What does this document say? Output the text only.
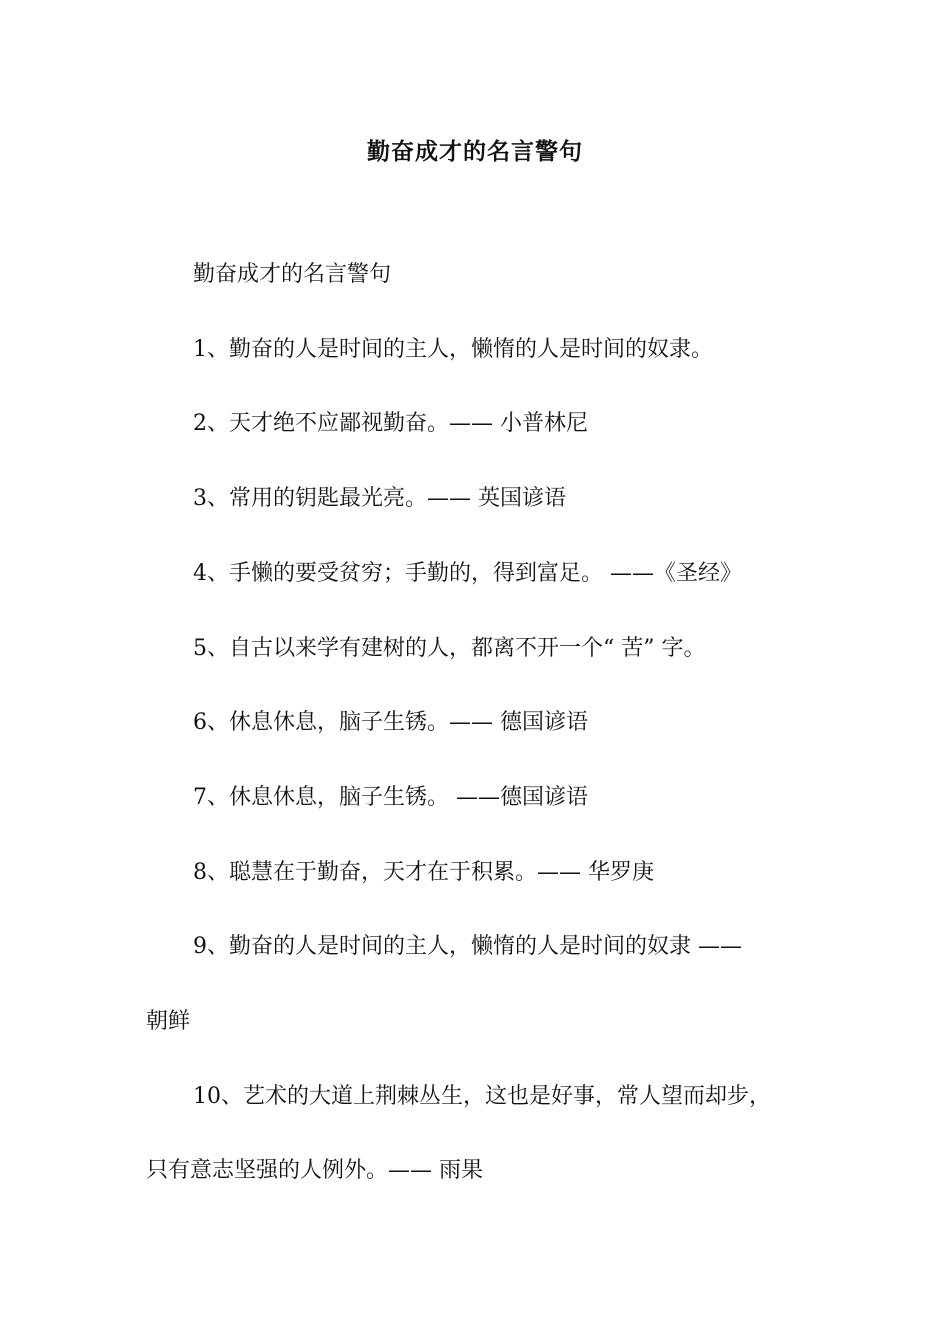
勤奋成才的名言警句
勤奋成才的名言警句
1、勤奋的人是时间的主人，懒惰的人是时间的奴隶。
2、天才绝不应鄙视勤奋。—— 小普林尼
3、常用的钥匙最光亮。—— 英国谚语
4、手懒的要受贫穷；手勤的，得到富足。 ——《圣经》
5、自古以来学有建树的人，都离不开一个“ 苦” 字。
6、休息休息，脑子生锈。—— 德国谚语
7、休息休息，脑子生锈。 ——德国谚语
8、聪慧在于勤奋，天才在于积累。—— 华罗庚
9、勤奋的人是时间的主人，懒惰的人是时间的奴隶 ——
朝鲜
10、艺术的大道上荆棘丛生，这也是好事，常人望而却步，
只有意志坚强的人例外。—— 雨果
